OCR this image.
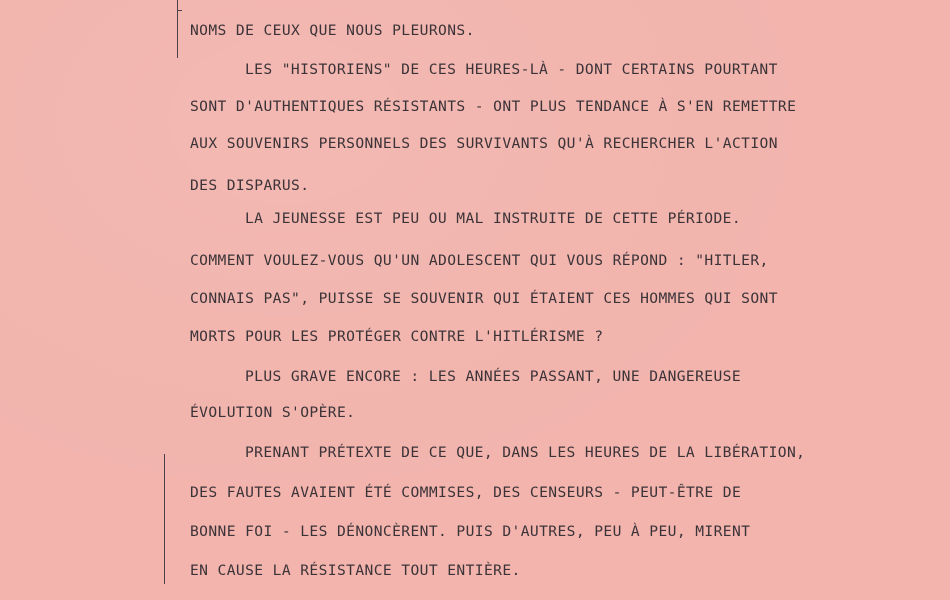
NOMS DE CEUX QUE NOUS PLEURONS.
LES "HISTORIENS" DE CES HEURES-LÀ - DONT CERTAINS POURTANT
SONT D'AUTHENTIQUES RÉSISTANTS - ONT PLUS TENDANCE À S'EN REMETTRE
AUX SOUVENIRS PERSONNELS DES SURVIVANTS QU'À RECHERCHER L'ACTION
DES DISPARUS.
LA JEUNESSE EST PEU OU MAL INSTRUITE DE CETTE PÉRIODE.
COMMENT VOULEZ-VOUS QU'UN ADOLESCENT QUI VOUS RÉPOND : "HITLER,
CONNAIS PAS", PUISSE SE SOUVENIR QUI ÉTAIENT CES HOMMES QUI SONT
MORTS POUR LES PROTÉGER CONTRE L'HITLÉRISME ?
PLUS GRAVE ENCORE : LES ANNÉES PASSANT, UNE DANGEREUSE
ÉVOLUTION S'OPÈRE.
PRENANT PRÉTEXTE DE CE QUE, DANS LES HEURES DE LA LIBÉRATION,
DES FAUTES AVAIENT ÉTÉ COMMISES, DES CENSEURS - PEUT-ÊTRE DE
BONNE FOI - LES DÉNONCÈRENT. PUIS D'AUTRES, PEU À PEU, MIRENT
EN CAUSE LA RÉSISTANCE TOUT ENTIÈRE.
